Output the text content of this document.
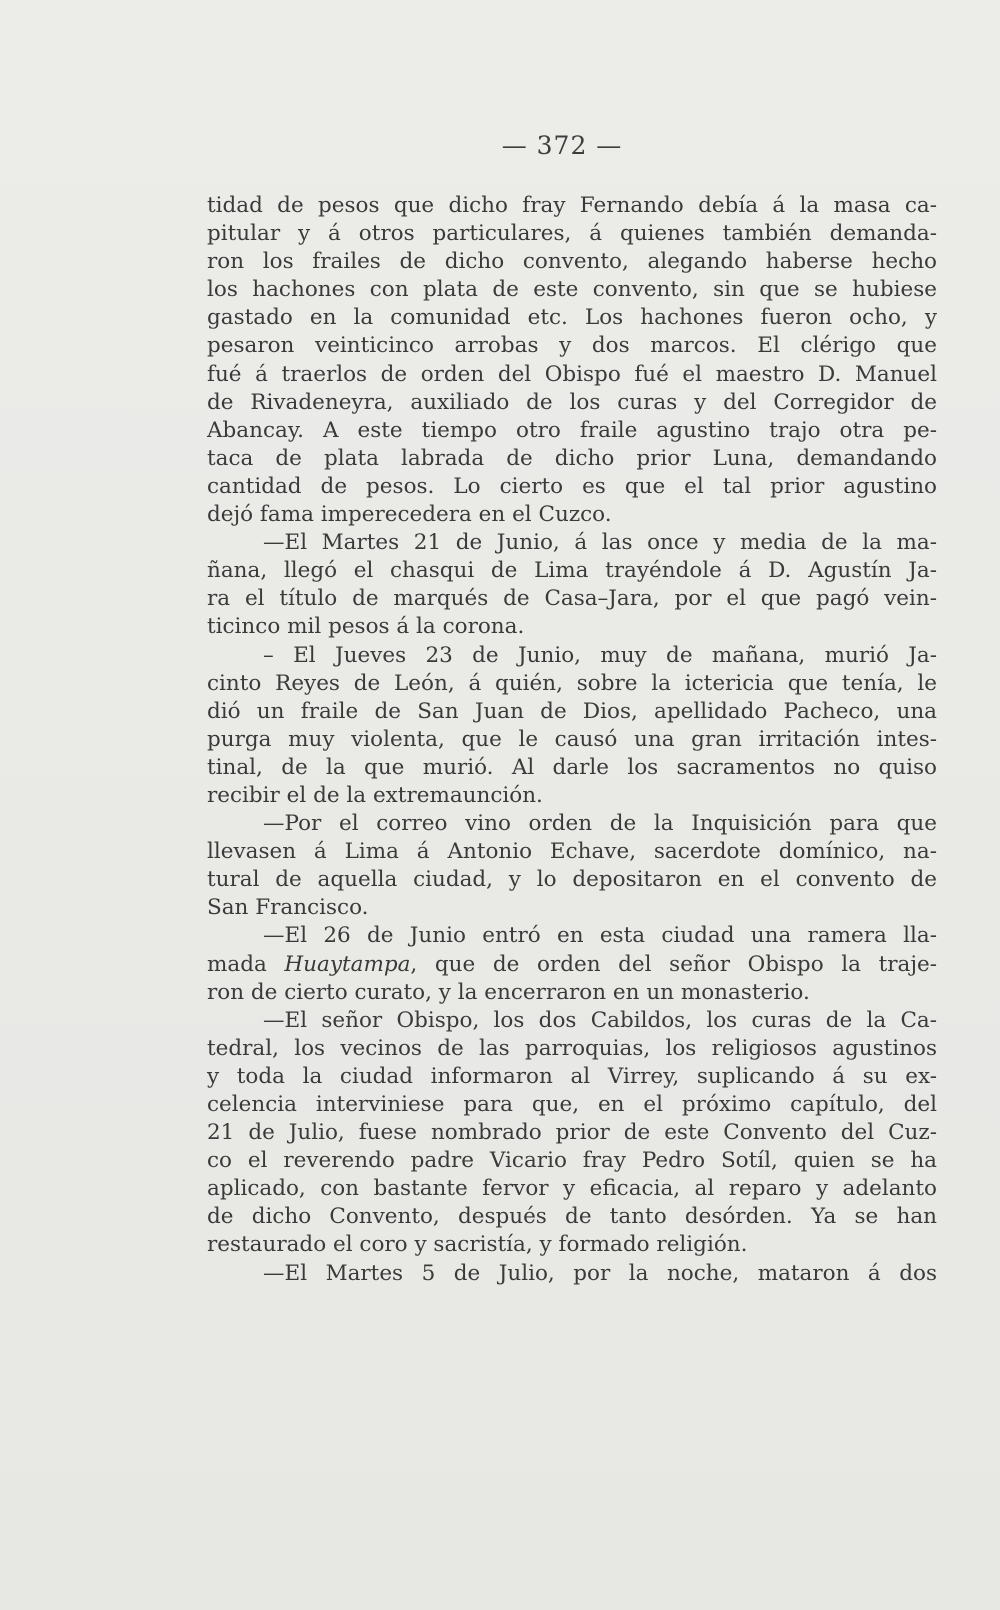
— 372 —
tidad de pesos que dicho fray Fernando debía á la masa ca-
pitular y á otros particulares, á quienes también demanda-
ron los frailes de dicho convento, alegando haberse hecho
los hachones con plata de este convento, sin que se hubiese
gastado en la comunidad etc. Los hachones fueron ocho, y
pesaron veinticinco arrobas y dos marcos. El clérigo que
fué á traerlos de orden del Obispo fué el maestro D. Manuel
de Rivadeneyra, auxiliado de los curas y del Corregidor de
Abancay. A este tiempo otro fraile agustino trajo otra pe-
taca de plata labrada de dicho prior Luna, demandando
cantidad de pesos. Lo cierto es que el tal prior agustino
dejó fama imperecedera en el Cuzco.
—El Martes 21 de Junio, á las once y media de la ma-
ñana, llegó el chasqui de Lima trayéndole á D. Agustín Ja-
ra el título de marqués de Casa–Jara, por el que pagó vein-
ticinco mil pesos á la corona.
– El Jueves 23 de Junio, muy de mañana, murió Ja-
cinto Reyes de León, á quién, sobre la ictericia que tenía, le
dió un fraile de San Juan de Dios, apellidado Pacheco, una
purga muy violenta, que le causó una gran irritación intes-
tinal, de la que murió. Al darle los sacramentos no quiso
recibir el de la extremaunción.
—Por el correo vino orden de la Inquisición para que
llevasen á Lima á Antonio Echave, sacerdote domínico, na-
tural de aquella ciudad, y lo depositaron en el convento de
San Francisco.
—El 26 de Junio entró en esta ciudad una ramera lla-
mada Huaytampa, que de orden del señor Obispo la traje-
ron de cierto curato, y la encerraron en un monasterio.
—El señor Obispo, los dos Cabildos, los curas de la Ca-
tedral, los vecinos de las parroquias, los religiosos agustinos
y toda la ciudad informaron al Virrey, suplicando á su ex-
celencia interviniese para que, en el próximo capítulo, del
21 de Julio, fuese nombrado prior de este Convento del Cuz-
co el reverendo padre Vicario fray Pedro Sotíl, quien se ha
aplicado, con bastante fervor y eficacia, al reparo y adelanto
de dicho Convento, después de tanto desórden. Ya se han
restaurado el coro y sacristía, y formado religión.
—El Martes 5 de Julio, por la noche, mataron á dos
